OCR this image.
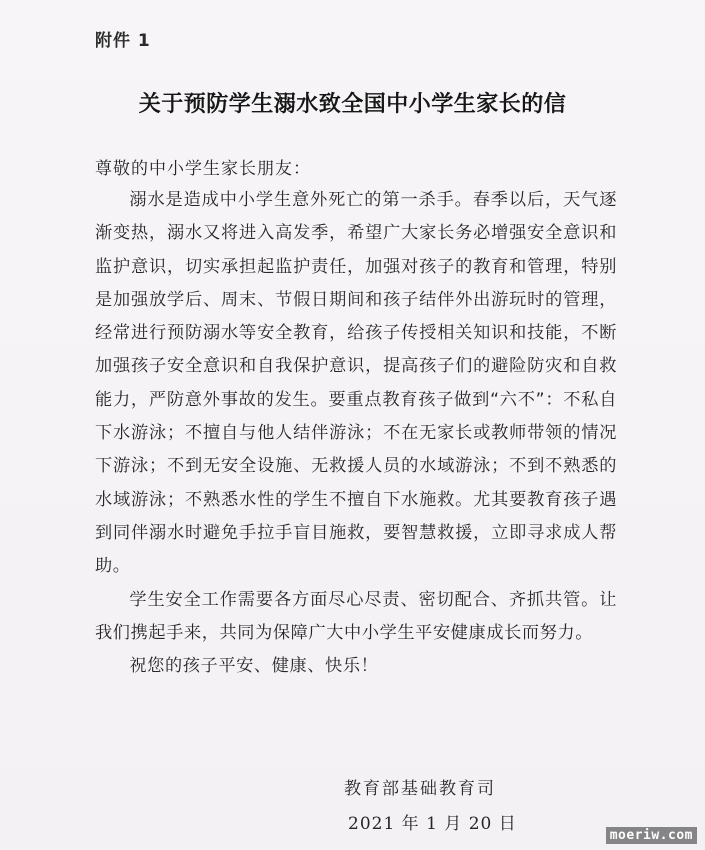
附件 1
关于预防学生溺水致全国中小学生家长的信
尊敬的中小学生家长朋友：

溺水是造成中小学生意外死亡的第一杀手。春季以后，天气逐渐变热，溺水又将进入高发季，希望广大家长务必增强安全意识和监护意识，切实承担起监护责任，加强对孩子的教育和管理，特别是加强放学后、周末、节假日期间和孩子结伴外出游玩时的管理，经常进行预防溺水等安全教育，给孩子传授相关知识和技能，不断加强孩子安全意识和自我保护意识，提高孩子们的避险防灾和自救能力，严防意外事故的发生。要重点教育孩子做到“六不”：不私自下水游泳；不擅自与他人结伴游泳；不在无家长或教师带领的情况下游泳；不到无安全设施、无救援人员的水域游泳；不到不熟悉的水域游泳；不熟悉水性的学生不擅自下水施救。尤其要教育孩子遇到同伴溺水时避免手拉手盲目施救，要智慧救援，立即寻求成人帮助。

学生安全工作需要各方面尽心尽责、密切配合、齐抓共管。让我们携起手来，共同为保障广大中小学生平安健康成长而努力。

祝您的孩子平安、健康、快乐！

教育部基础教育司
2021 年 1 月 20 日
moeriw.com
